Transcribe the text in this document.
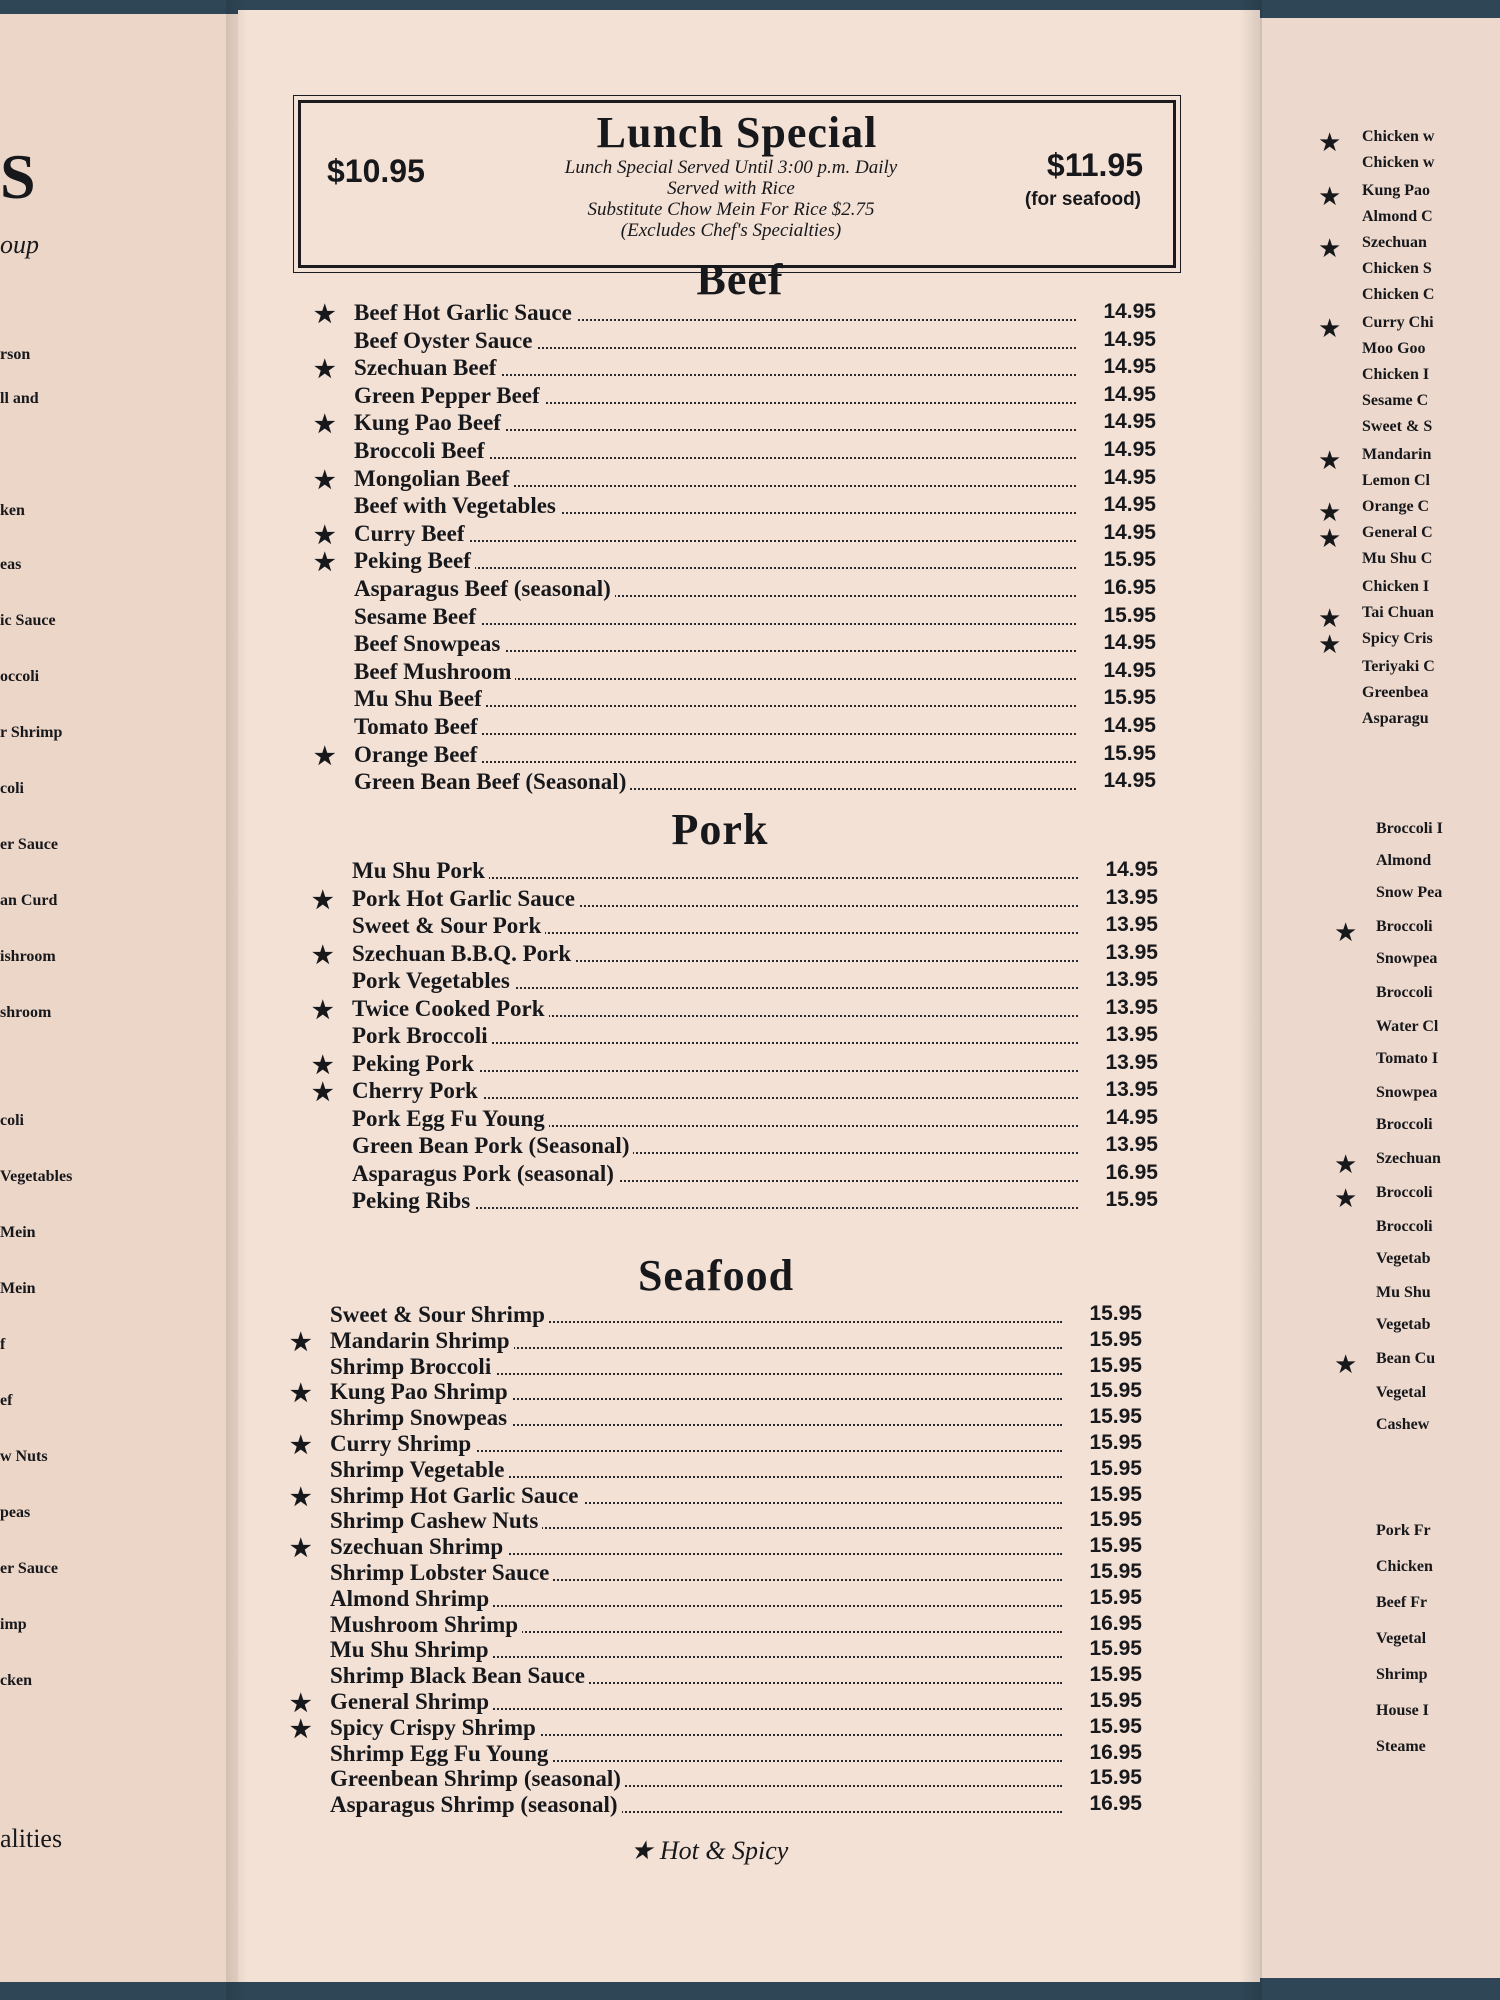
S
oup
rson
ll and
ken
eas
ic Sauce
occoli
r Shrimp
coli
er Sauce
an Curd
ishroom
shroom
coli
Vegetables
Mein
Mein
f
ef
w Nuts
peas
er Sauce
imp
cken
alities
Chicken w
★
Chicken w
Kung Pao
★
Almond C
Szechuan
★
Chicken S
Chicken C
Curry Chi
★
Moo Goo
Chicken I
Sesame C
Sweet & S
Mandarin
★
Lemon Cl
Orange C
★
General C
★
Mu Shu C
Chicken I
Tai Chuan
★
Spicy Cris
★
Teriyaki C
Greenbea
Asparagu
Broccoli I
Almond
Snow Pea
Broccoli
★
Snowpea
Broccoli
Water Cl
Tomato I
Snowpea
Broccoli
Szechuan
★
Broccoli
★
Broccoli
Vegetab
Mu Shu
Vegetab
Bean Cu
★
Vegetal
Cashew
Pork Fr
Chicken
Beef Fr
Vegetal
Shrimp
House I
Steame
Lunch Special
$10.95	Lunch Special Served Until 3:00 p.m. Daily
Served with Rice
Substitute Chow Mein For Rice $2.75
(Excludes Chef's Specialties)
$11.95
(for seafood)
Beef
★ Beef Hot Garlic Sauce	14.95
Beef Oyster Sauce	14.95
★ Szechuan Beef	14.95
Green Pepper Beef	14.95
★ Kung Pao Beef	14.95
Broccoli Beef	14.95
★ Mongolian Beef	14.95
Beef with Vegetables	14.95
★ Curry Beef	14.95
★ Peking Beef	15.95
Asparagus Beef (seasonal)	16.95
Sesame Beef	15.95
Beef Snowpeas	14.95
Beef Mushroom	14.95
Mu Shu Beef	15.95
Tomato Beef	14.95
★ Orange Beef	15.95
Green Bean Beef (Seasonal)	14.95
Pork
Mu Shu Pork	14.95
★ Pork Hot Garlic Sauce	13.95
Sweet & Sour Pork	13.95
★ Szechuan B.B.Q. Pork	13.95
Pork Vegetables	13.95
★ Twice Cooked Pork	13.95
Pork Broccoli	13.95
★ Peking Pork	13.95
★ Cherry Pork	13.95
Pork Egg Fu Young	14.95
Green Bean Pork (Seasonal)	13.95
Asparagus Pork (seasonal)	16.95
Peking Ribs	15.95
Seafood
Sweet & Sour Shrimp	15.95
★ Mandarin Shrimp	15.95
Shrimp Broccoli	15.95
★ Kung Pao Shrimp	15.95
Shrimp Snowpeas	15.95
★ Curry Shrimp	15.95
Shrimp Vegetable	15.95
★ Shrimp Hot Garlic Sauce	15.95
Shrimp Cashew Nuts	15.95
★ Szechuan Shrimp	15.95
Shrimp Lobster Sauce	15.95
Almond Shrimp	15.95
Mushroom Shrimp	16.95
Mu Shu Shrimp	15.95
Shrimp Black Bean Sauce	15.95
★ General Shrimp	15.95
★ Spicy Crispy Shrimp	15.95
Shrimp Egg Fu Young	16.95
Greenbean Shrimp (seasonal)	15.95
Asparagus Shrimp (seasonal)	16.95
★ Hot & Spicy
